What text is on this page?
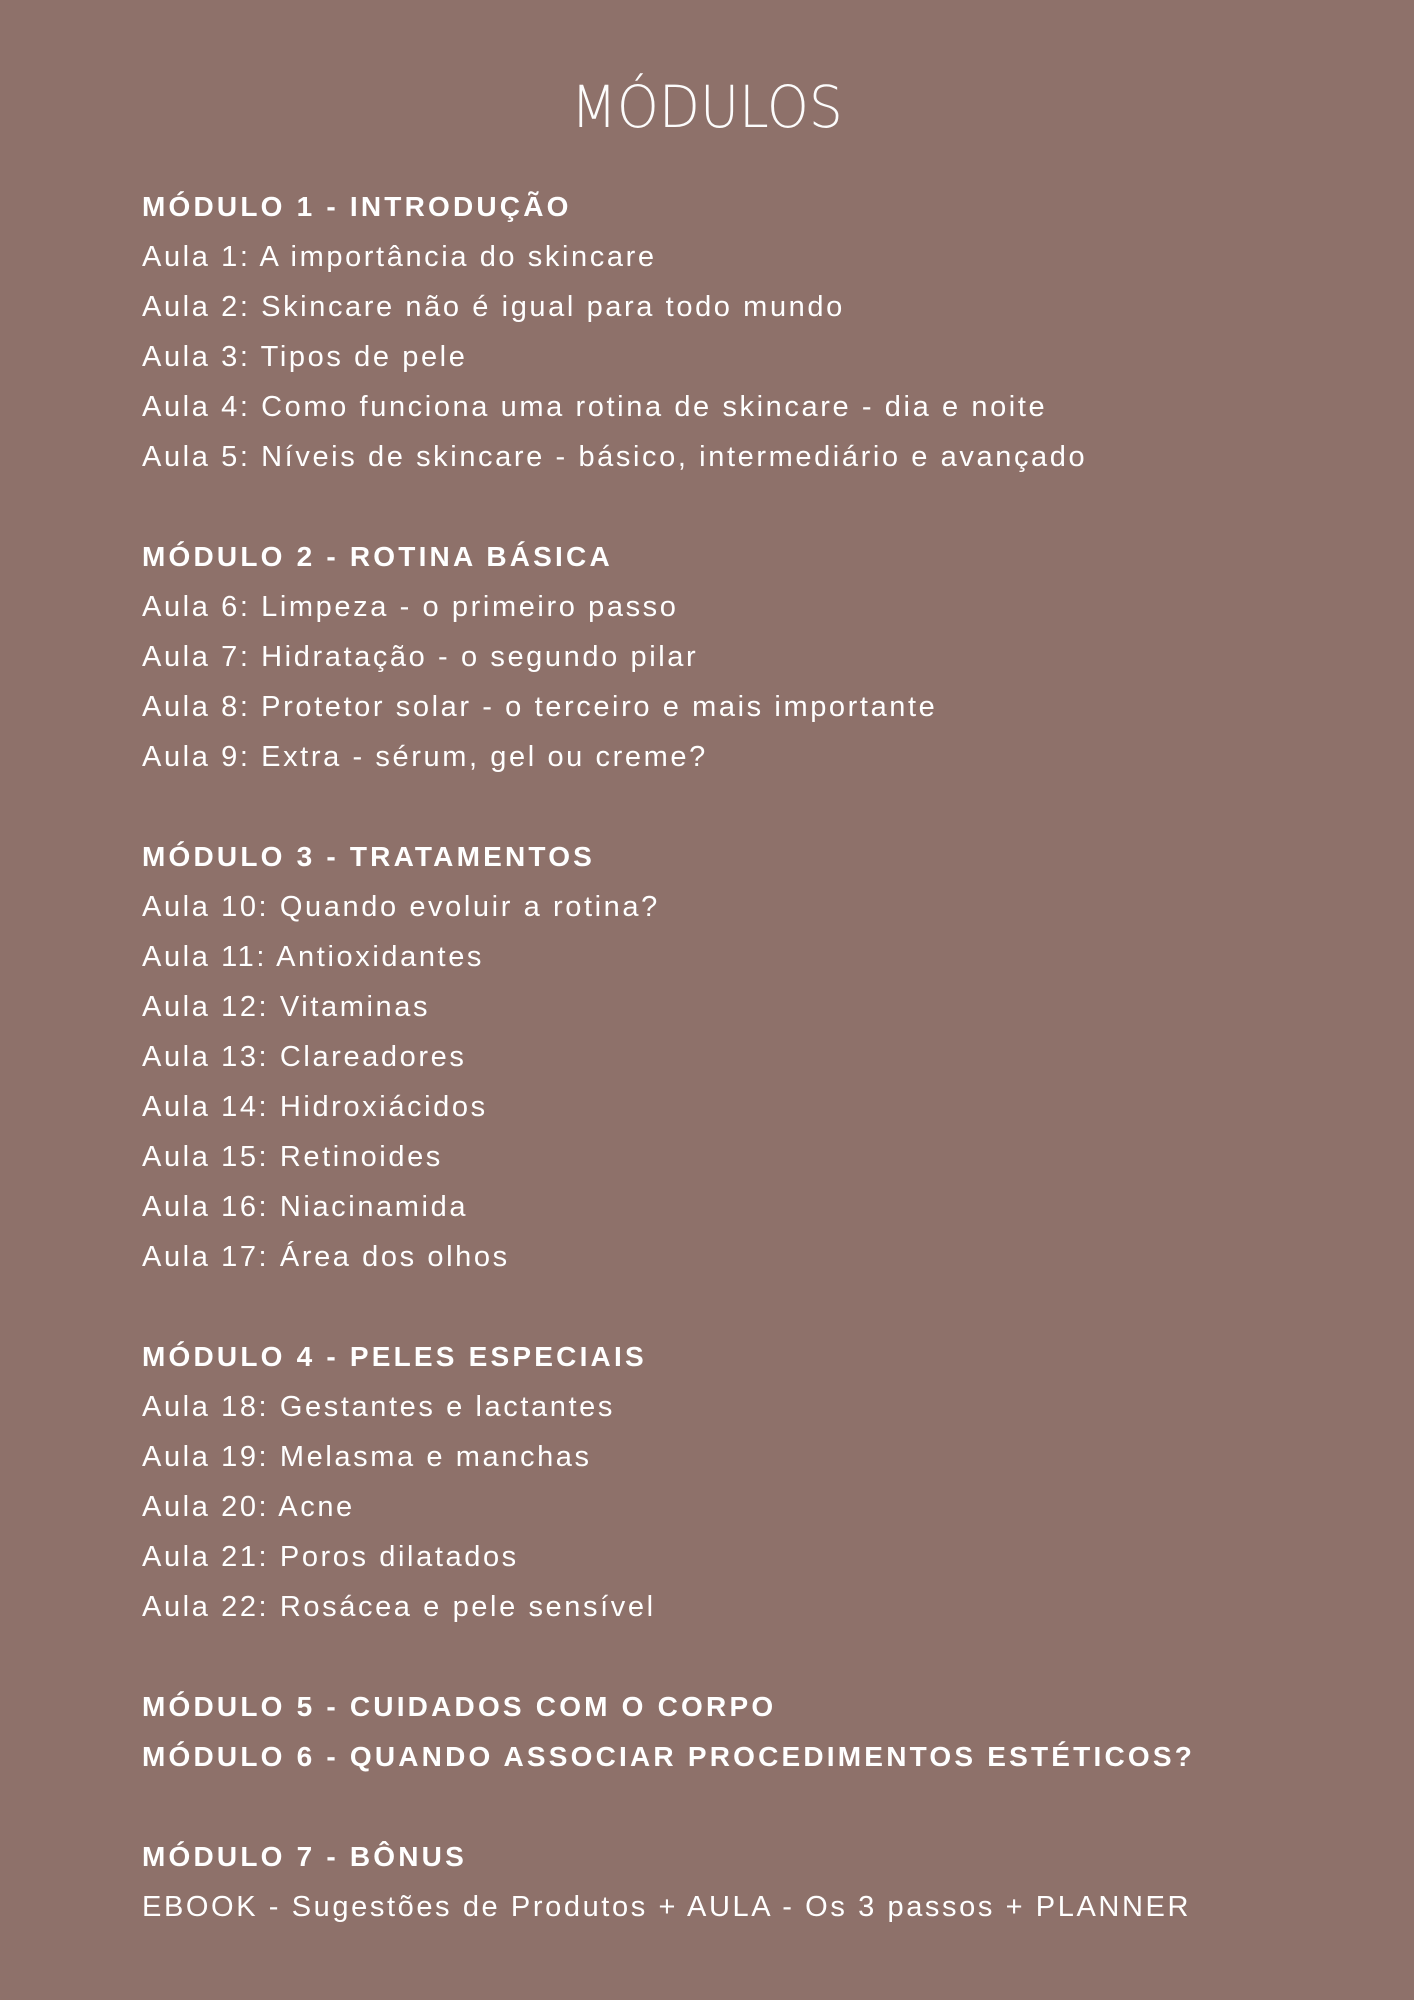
MÓDULOS
MÓDULO 1 - INTRODUÇÃO
Aula 1: A importância do skincare
Aula 2: Skincare não é igual para todo mundo
Aula 3: Tipos de pele
Aula 4: Como funciona uma rotina de skincare - dia e noite
Aula 5: Níveis de skincare - básico, intermediário e avançado
MÓDULO 2 - ROTINA BÁSICA
Aula 6: Limpeza - o primeiro passo
Aula 7: Hidratação - o segundo pilar
Aula 8: Protetor solar - o terceiro e mais importante
Aula 9: Extra - sérum, gel ou creme?
MÓDULO 3 - TRATAMENTOS
Aula 10: Quando evoluir a rotina?
Aula 11: Antioxidantes
Aula 12: Vitaminas
Aula 13: Clareadores
Aula 14: Hidroxiácidos
Aula 15: Retinoides
Aula 16: Niacinamida
Aula 17: Área dos olhos
MÓDULO 4 - PELES ESPECIAIS
Aula 18: Gestantes e lactantes
Aula 19: Melasma e manchas
Aula 20: Acne
Aula 21: Poros dilatados
Aula 22: Rosácea e pele sensível
MÓDULO 5 - CUIDADOS COM O CORPO
MÓDULO 6 - QUANDO ASSOCIAR PROCEDIMENTOS ESTÉTICOS?
MÓDULO 7 - BÔNUS
EBOOK - Sugestões de Produtos + AULA - Os 3 passos + PLANNER
